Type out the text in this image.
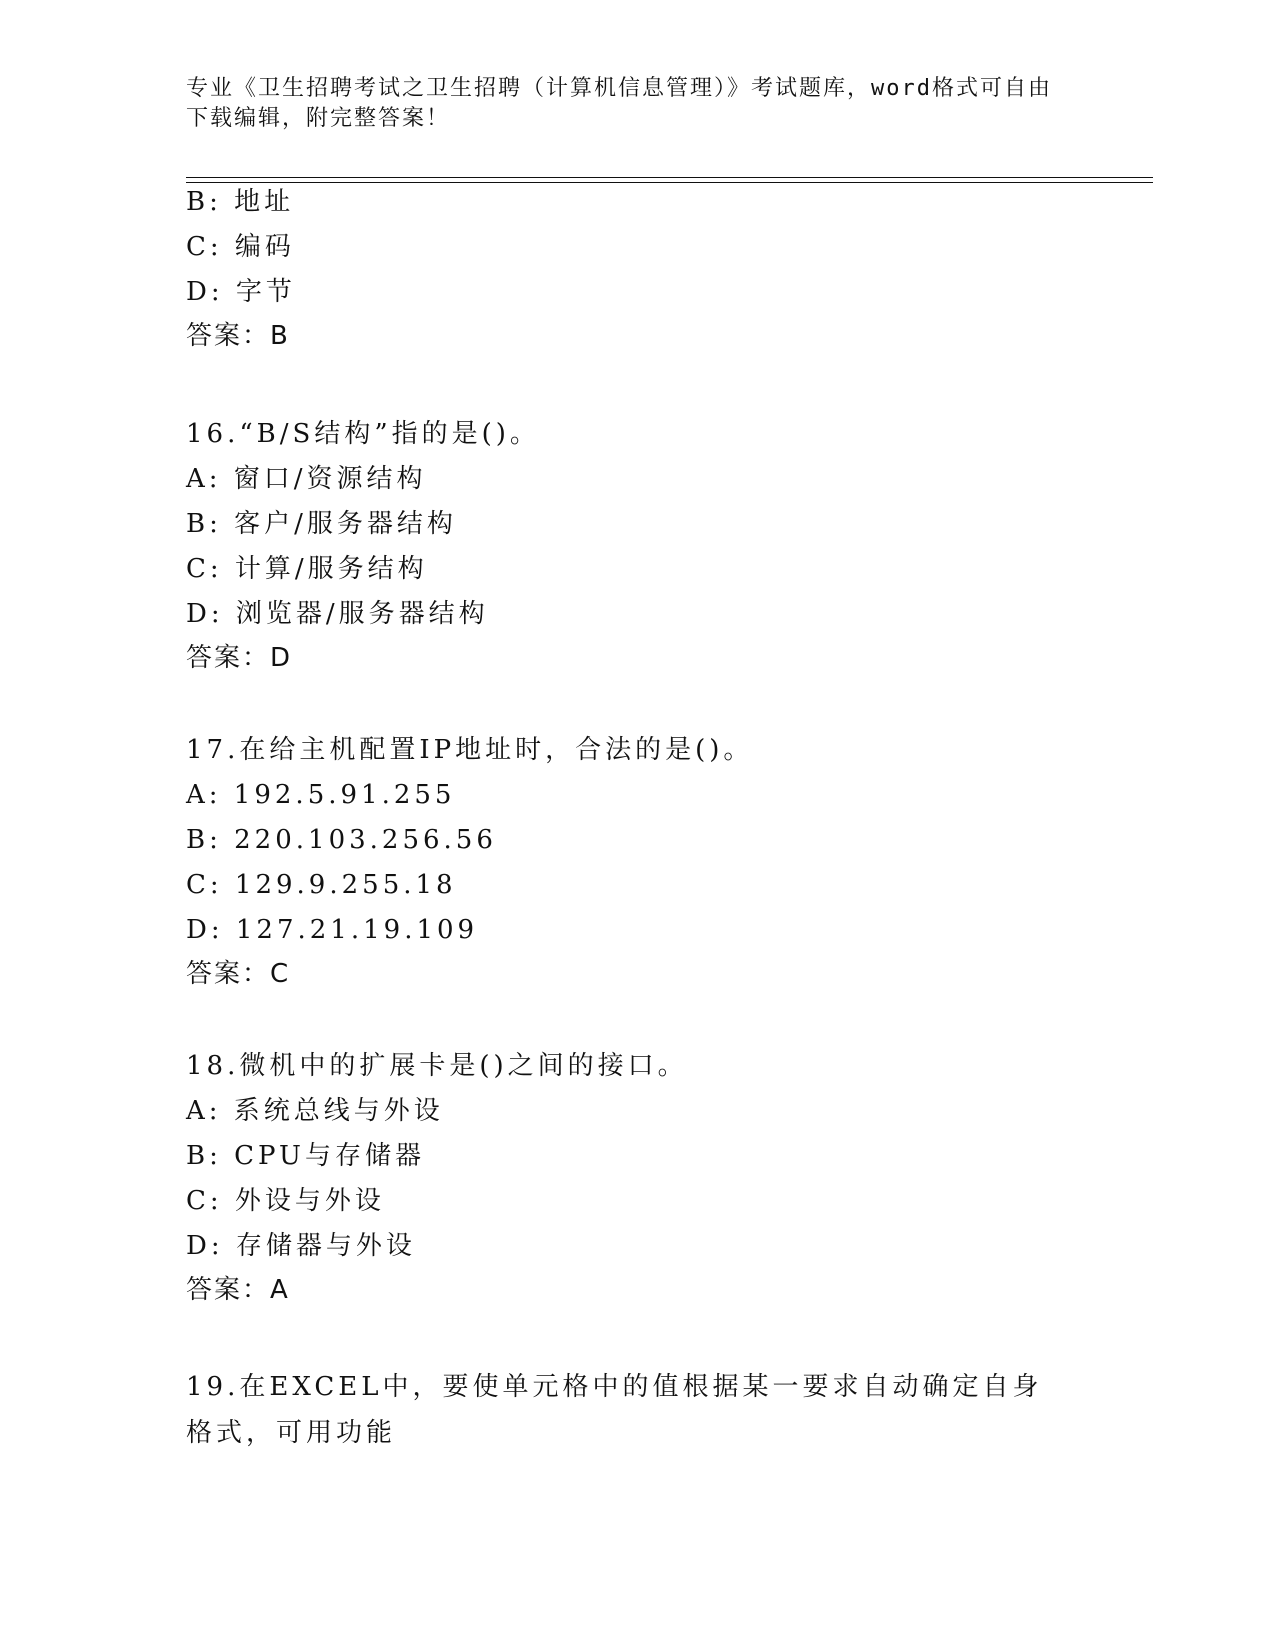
专业《卫生招聘考试之卫生招聘（计算机信息管理）》考试题库，word格式可自由下载编辑，附完整答案！
B: 地址
C: 编码
D: 字节
答案：B
16.“B/S结构”指的是()。
A: 窗口/资源结构
B: 客户/服务器结构
C: 计算/服务结构
D: 浏览器/服务器结构
答案：D
17.在给主机配置IP地址时，合法的是()。
A: 192.5.91.255
B: 220.103.256.56
C: 129.9.255.18
D: 127.21.19.109
答案：C
18.微机中的扩展卡是()之间的接口。
A: 系统总线与外设
B: CPU与存储器
C: 外设与外设
D: 存储器与外设
答案：A
19.在EXCEL中，要使单元格中的值根据某一要求自动确定自身格式，可用功能
